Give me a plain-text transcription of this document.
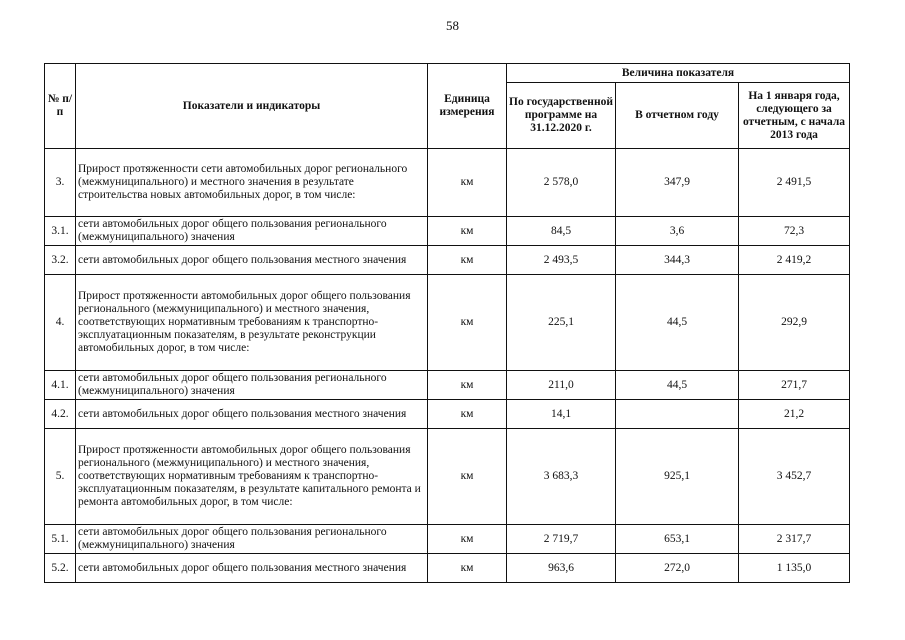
58
№ п/п	Показатели и индикаторы	Единица измерения	Величина показателя		
			По государственной программе на 31.12.2020 г.	В отчетном году	На 1 января года, следующего за отчетным, с начала 2013 года
3.	Прирост протяженности сети автомобильных дорог регионального (межмуниципального) и местного значения в результате строительства новых автомобильных дорог, в том числе:	км	2 578,0	347,9	2 491,5
3.1.	сети автомобильных дорог общего пользования регионального (межмуниципального) значения	км	84,5	3,6	72,3
3.2.	сети автомобильных дорог общего пользования местного значения	км	2 493,5	344,3	2 419,2
4.	Прирост протяженности автомобильных дорог общего пользования регионального (межмуниципального) и местного значения, соответствующих нормативным требованиям к транспортно-эксплуатационным показателям, в результате реконструкции автомобильных дорог, в том числе:	км	225,1	44,5	292,9
4.1.	сети автомобильных дорог общего пользования регионального (межмуниципального) значения	км	211,0	44,5	271,7
4.2.	сети автомобильных дорог общего пользования местного значения	км	14,1		21,2
5.	Прирост протяженности автомобильных дорог общего пользования регионального (межмуниципального) и местного значения, соответствующих нормативным требованиям к транспортно-эксплуатационным показателям, в результате капитального ремонта и ремонта автомобильных дорог, в том числе:	км	3 683,3	925,1	3 452,7
5.1.	сети автомобильных дорог общего пользования регионального (межмуниципального) значения	км	2 719,7	653,1	2 317,7
5.2.	сети автомобильных дорог общего пользования местного значения	км	963,6	272,0	1 135,0
